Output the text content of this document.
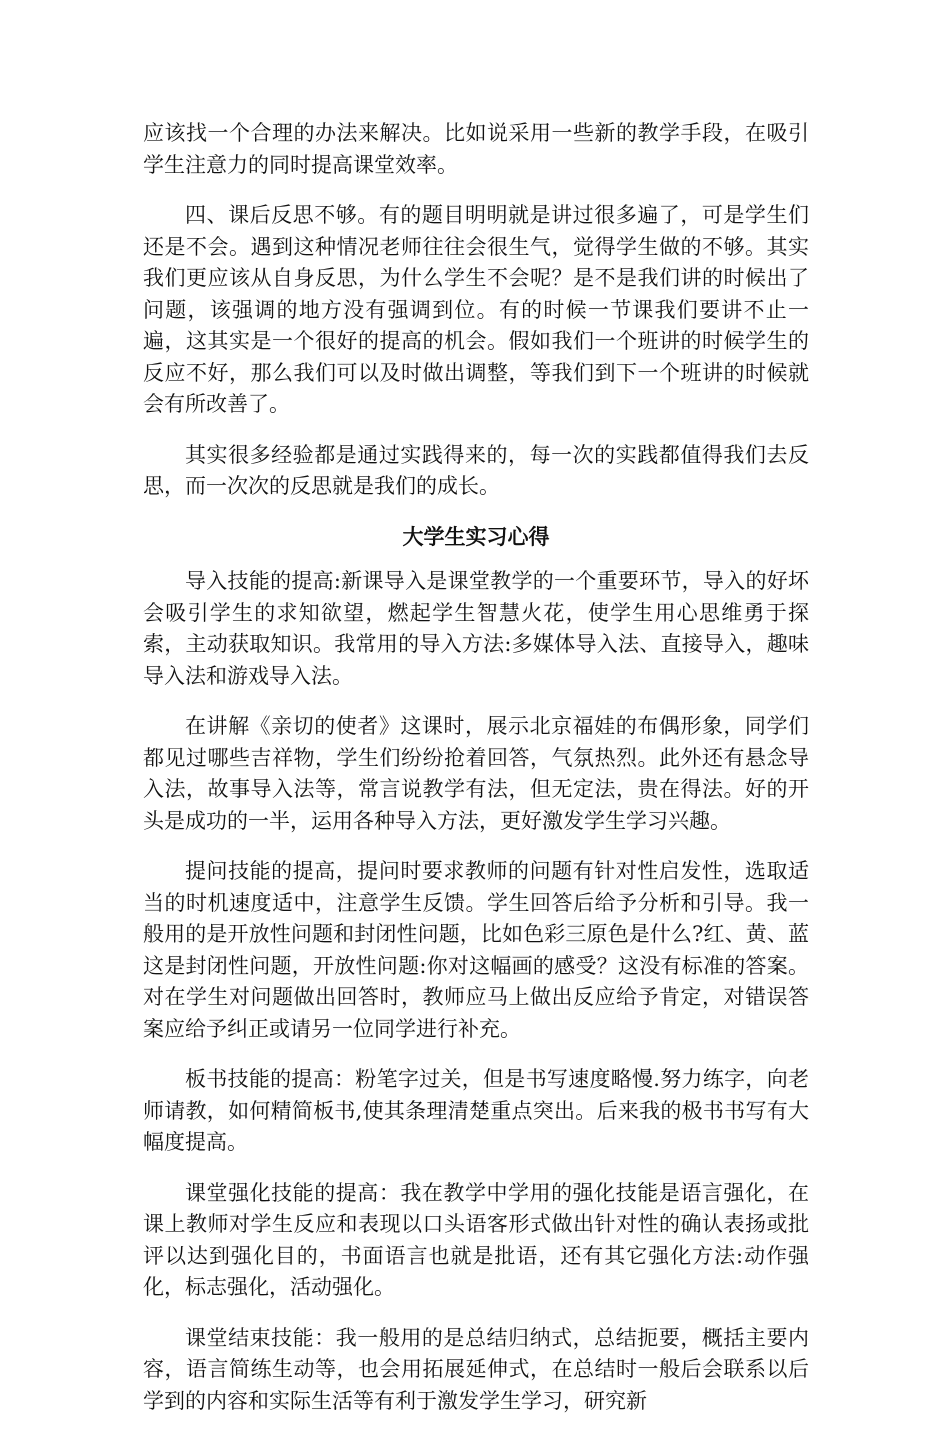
应该找一个合理的办法来解决。比如说采用一些新的教学手段，在吸引学生注意力的同时提高课堂效率。

四、课后反思不够。有的题目明明就是讲过很多遍了，可是学生们还是不会。遇到这种情况老师往往会很生气，觉得学生做的不够。其实我们更应该从自身反思，为什么学生不会呢？是不是我们讲的时候出了问题，该强调的地方没有强调到位。有的时候一节课我们要讲不止一遍，这其实是一个很好的提高的机会。假如我们一个班讲的时候学生的反应不好，那么我们可以及时做出调整，等我们到下一个班讲的时候就会有所改善了。

其实很多经验都是通过实践得来的，每一次的实践都值得我们去反思，而一次次的反思就是我们的成长。

大学生实习心得

导入技能的提高:新课导入是课堂教学的一个重要环节，导入的好坏会吸引学生的求知欲望，燃起学生智慧火花，使学生用心思维勇于探索，主动获取知识。我常用的导入方法:多媒体导入法、直接导入，趣味导入法和游戏导入法。

在讲解《亲切的使者》这课时，展示北京福娃的布偶形象，同学们都见过哪些吉祥物，学生们纷纷抢着回答，气氛热烈。此外还有悬念导入法，故事导入法等，常言说教学有法，但无定法，贵在得法。好的开头是成功的一半，运用各种导入方法，更好激发学生学习兴趣。

提问技能的提高，提问时要求教师的问题有针对性启发性，选取适当的时机速度适中，注意学生反馈。学生回答后给予分析和引导。我一般用的是开放性问题和封闭性问题，比如色彩三原色是什么?红、黄、蓝这是封闭性问题，开放性问题:你对这幅画的感受？这没有标准的答案。对在学生对问题做出回答时，教师应马上做出反应给予肯定，对错误答案应给予纠正或请另一位同学进行补充。

板书技能的提高：粉笔字过关，但是书写速度略慢.努力练字，向老师请教，如何精简板书,使其条理清楚重点突出。后来我的极书书写有大幅度提高。

课堂强化技能的提高：我在教学中学用的强化技能是语言强化，在课上教师对学生反应和表现以口头语客形式做出针对性的确认表扬或批评以达到强化目的，书面语言也就是批语，还有其它强化方法:动作强化，标志强化，活动强化。

课堂结束技能：我一般用的是总结归纳式，总结扼要，概括主要内容，语言简练生动等，也会用拓展延伸式，在总结时一般后会联系以后学到的内容和实际生活等有利于激发学生学习，研究新
